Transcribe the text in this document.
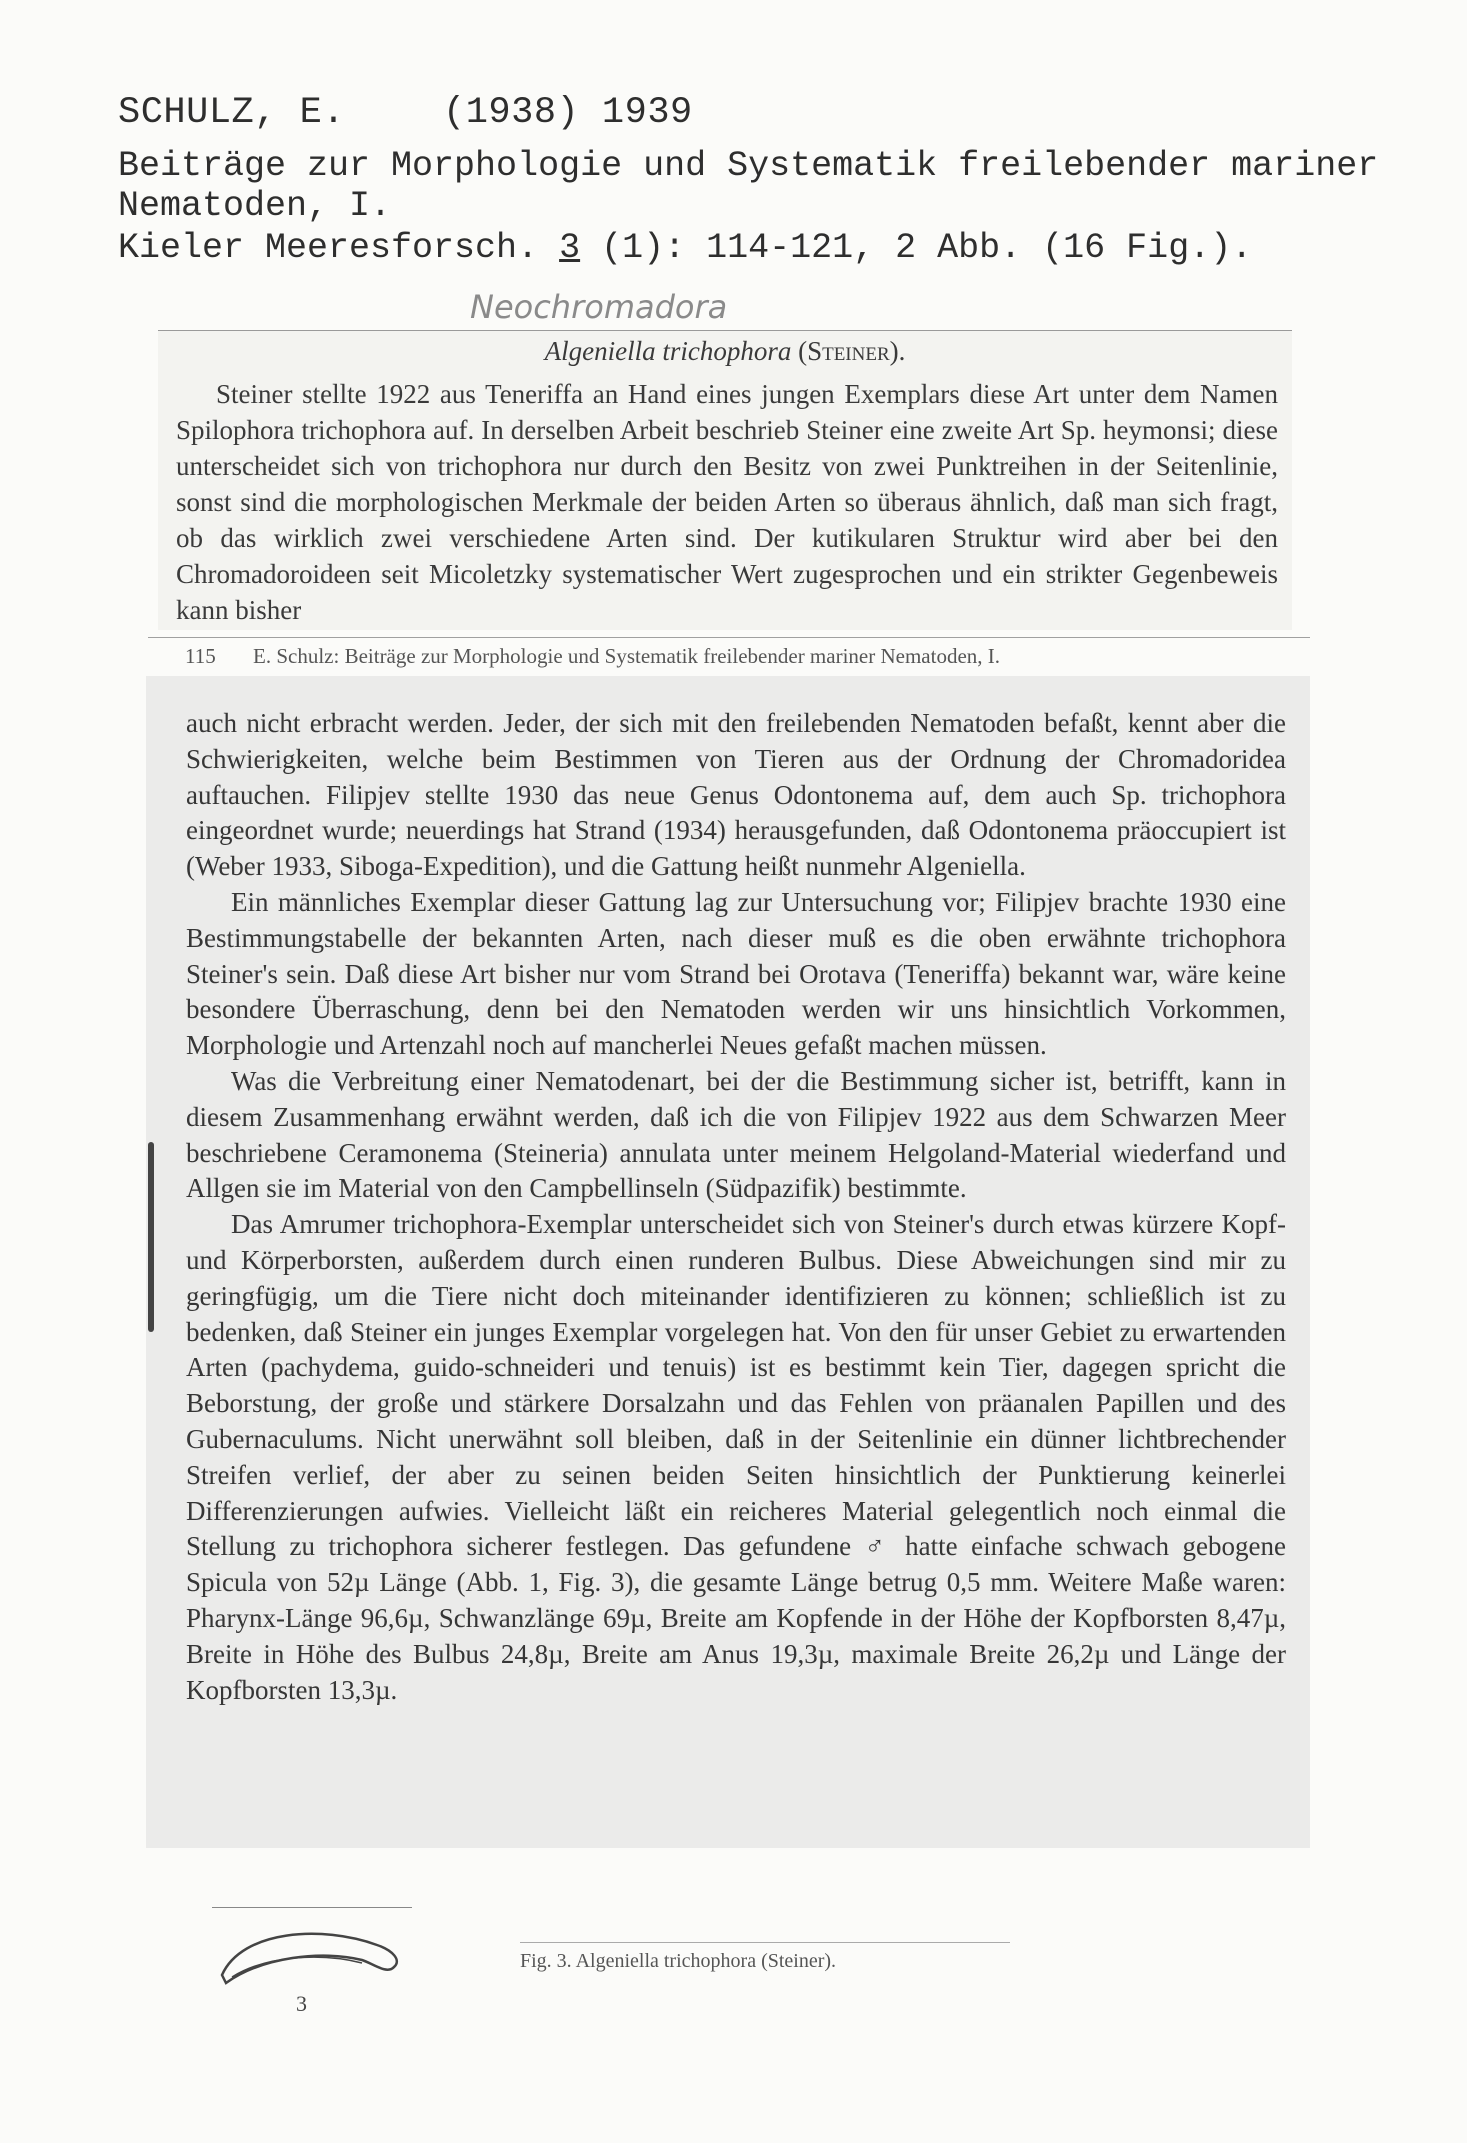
SCHULZ, E.	(1938) 1939
Beiträge zur Morphologie und Systematik freilebender mariner Nematoden, I.
Kieler Meeresforsch. 3 (1): 114-121, 2 Abb. (16 Fig.).
Neochromadora
Algeniella trichophora (Steiner).

Steiner stellte 1922 aus Teneriffa an Hand eines jungen Exemplars diese Art unter dem Namen Spilophora trichophora auf. In derselben Arbeit beschrieb Steiner eine zweite Art Sp. heymonsi; diese unterscheidet sich von trichophora nur durch den Besitz von zwei Punktreihen in der Seitenlinie, sonst sind die morphologischen Merkmale der beiden Arten so überaus ähnlich, daß man sich fragt, ob das wirklich zwei verschiedene Arten sind. Der kutikularen Struktur wird aber bei den Chromadoroideen seit Micoletzky systematischer Wert zugesprochen und ein strikter Gegenbeweis kann bisher

115 E. Schulz: Beiträge zur Morphologie und Systematik freilebender mariner Nematoden, I.

auch nicht erbracht werden. Jeder, der sich mit den freilebenden Nematoden befaßt, kennt aber die Schwierigkeiten, welche beim Bestimmen von Tieren aus der Ordnung der Chromadoridea auftauchen. Filipjev stellte 1930 das neue Genus Odontonema auf, dem auch Sp. trichophora eingeordnet wurde; neuerdings hat Strand (1934) herausgefunden, daß Odontonema präoccupiert ist (Weber 1933, Siboga-Expedition), und die Gattung heißt nunmehr Algeniella.

Ein männliches Exemplar dieser Gattung lag zur Untersuchung vor; Filipjev brachte 1930 eine Bestimmungstabelle der bekannten Arten, nach dieser muß es die oben erwähnte trichophora Steiner's sein. Daß diese Art bisher nur vom Strand bei Orotava (Teneriffa) bekannt war, wäre keine besondere Überraschung, denn bei den Nematoden werden wir uns hinsichtlich Vorkommen, Morphologie und Artenzahl noch auf mancherlei Neues gefaßt machen müssen.

Was die Verbreitung einer Nematodenart, bei der die Bestimmung sicher ist, betrifft, kann in diesem Zusammenhang erwähnt werden, daß ich die von Filipjev 1922 aus dem Schwarzen Meer beschriebene Ceramonema (Steineria) annulata unter meinem Helgoland-Material wiederfand und Allgen sie im Material von den Campbellinseln (Südpazifik) bestimmte.

Das Amrumer trichophora-Exemplar unterscheidet sich von Steiner's durch etwas kürzere Kopf- und Körperborsten, außerdem durch einen runderen Bulbus. Diese Abweichungen sind mir zu geringfügig, um die Tiere nicht doch miteinander identifizieren zu können; schließlich ist zu bedenken, daß Steiner ein junges Exemplar vorgelegen hat. Von den für unser Gebiet zu erwartenden Arten (pachydema, guido-schneideri und tenuis) ist es bestimmt kein Tier, dagegen spricht die Beborstung, der große und stärkere Dorsalzahn und das Fehlen von präanalen Papillen und des Gubernaculums. Nicht unerwähnt soll bleiben, daß in der Seitenlinie ein dünner lichtbrechender Streifen verlief, der aber zu seinen beiden Seiten hinsichtlich der Punktierung keinerlei Differenzierungen aufwies. Vielleicht läßt ein reicheres Material gelegentlich noch einmal die Stellung zu trichophora sicherer festlegen. Das gefundene ♂ hatte einfache schwach gebogene Spicula von 52µ Länge (Abb. 1, Fig. 3), die gesamte Länge betrug 0,5 mm. Weitere Maße waren: Pharynx-Länge 96,6µ, Schwanzlänge 69µ, Breite am Kopfende in der Höhe der Kopfborsten 8,47µ, Breite in Höhe des Bulbus 24,8µ, Breite am Anus 19,3µ, maximale Breite 26,2µ und Länge der Kopfborsten 13,3µ.

3
Fig. 3. Algeniella trichophora (Steiner).
